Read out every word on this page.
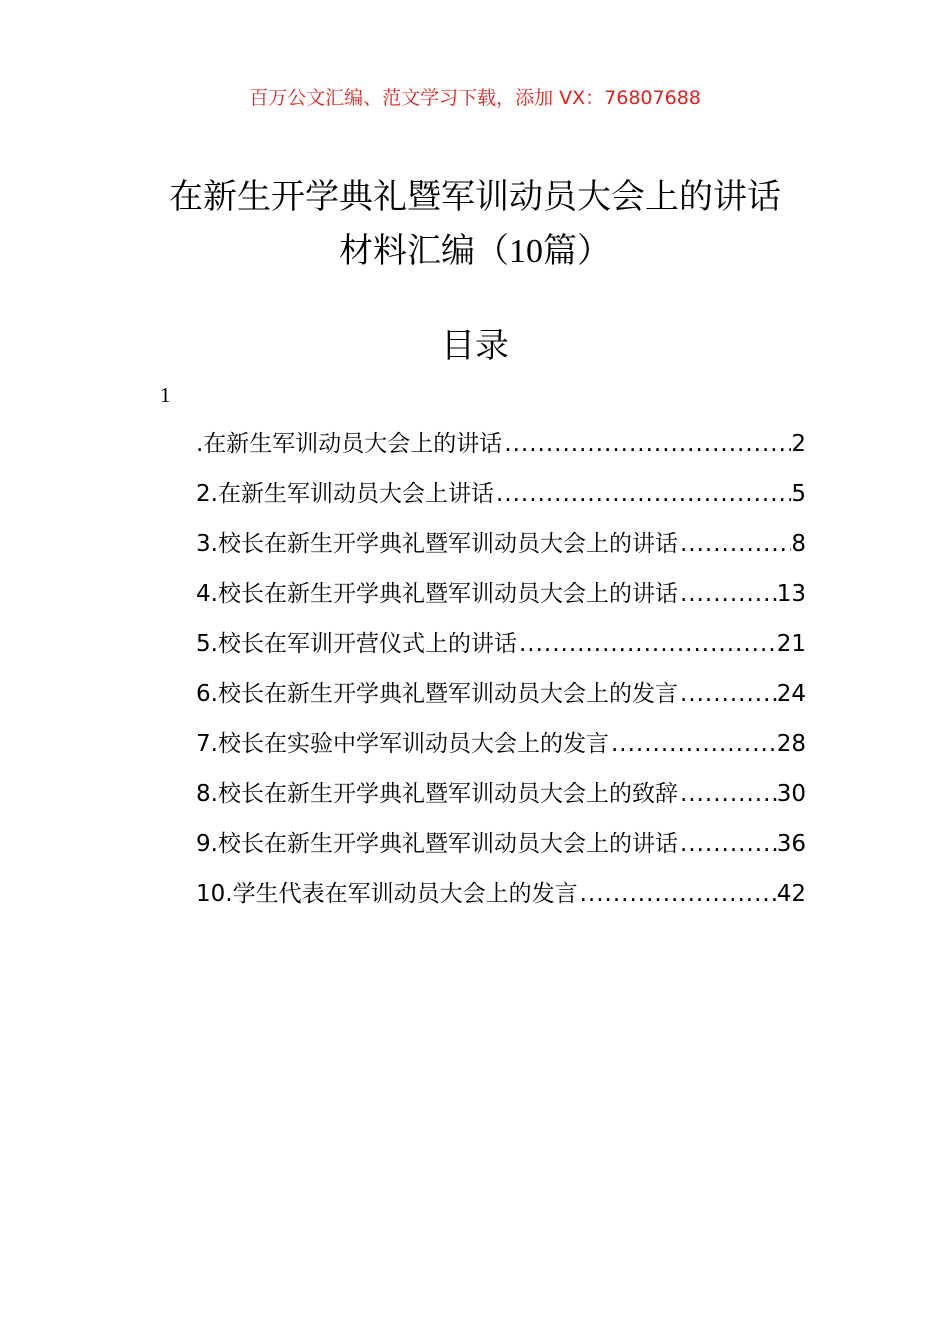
百万公文汇编、范文学习下载，添加 VX：76807688
在新生开学典礼暨军训动员大会上的讲话
材料汇编（10篇）
目录
1
.在新生军训动员大会上的讲话 .....	2
2.在新生军训动员大会上讲话 .....	5
3.校长在新生开学典礼暨军训动员大会上的讲话 .....	8
4.校长在新生开学典礼暨军训动员大会上的讲话 .....	13
5.校长在军训开营仪式上的讲话 .....	21
6.校长在新生开学典礼暨军训动员大会上的发言 .....	24
7.校长在实验中学军训动员大会上的发言 .....	28
8.校长在新生开学典礼暨军训动员大会上的致辞 .....	30
9.校长在新生开学典礼暨军训动员大会上的讲话 .....	36
10.学生代表在军训动员大会上的发言 .....	42
